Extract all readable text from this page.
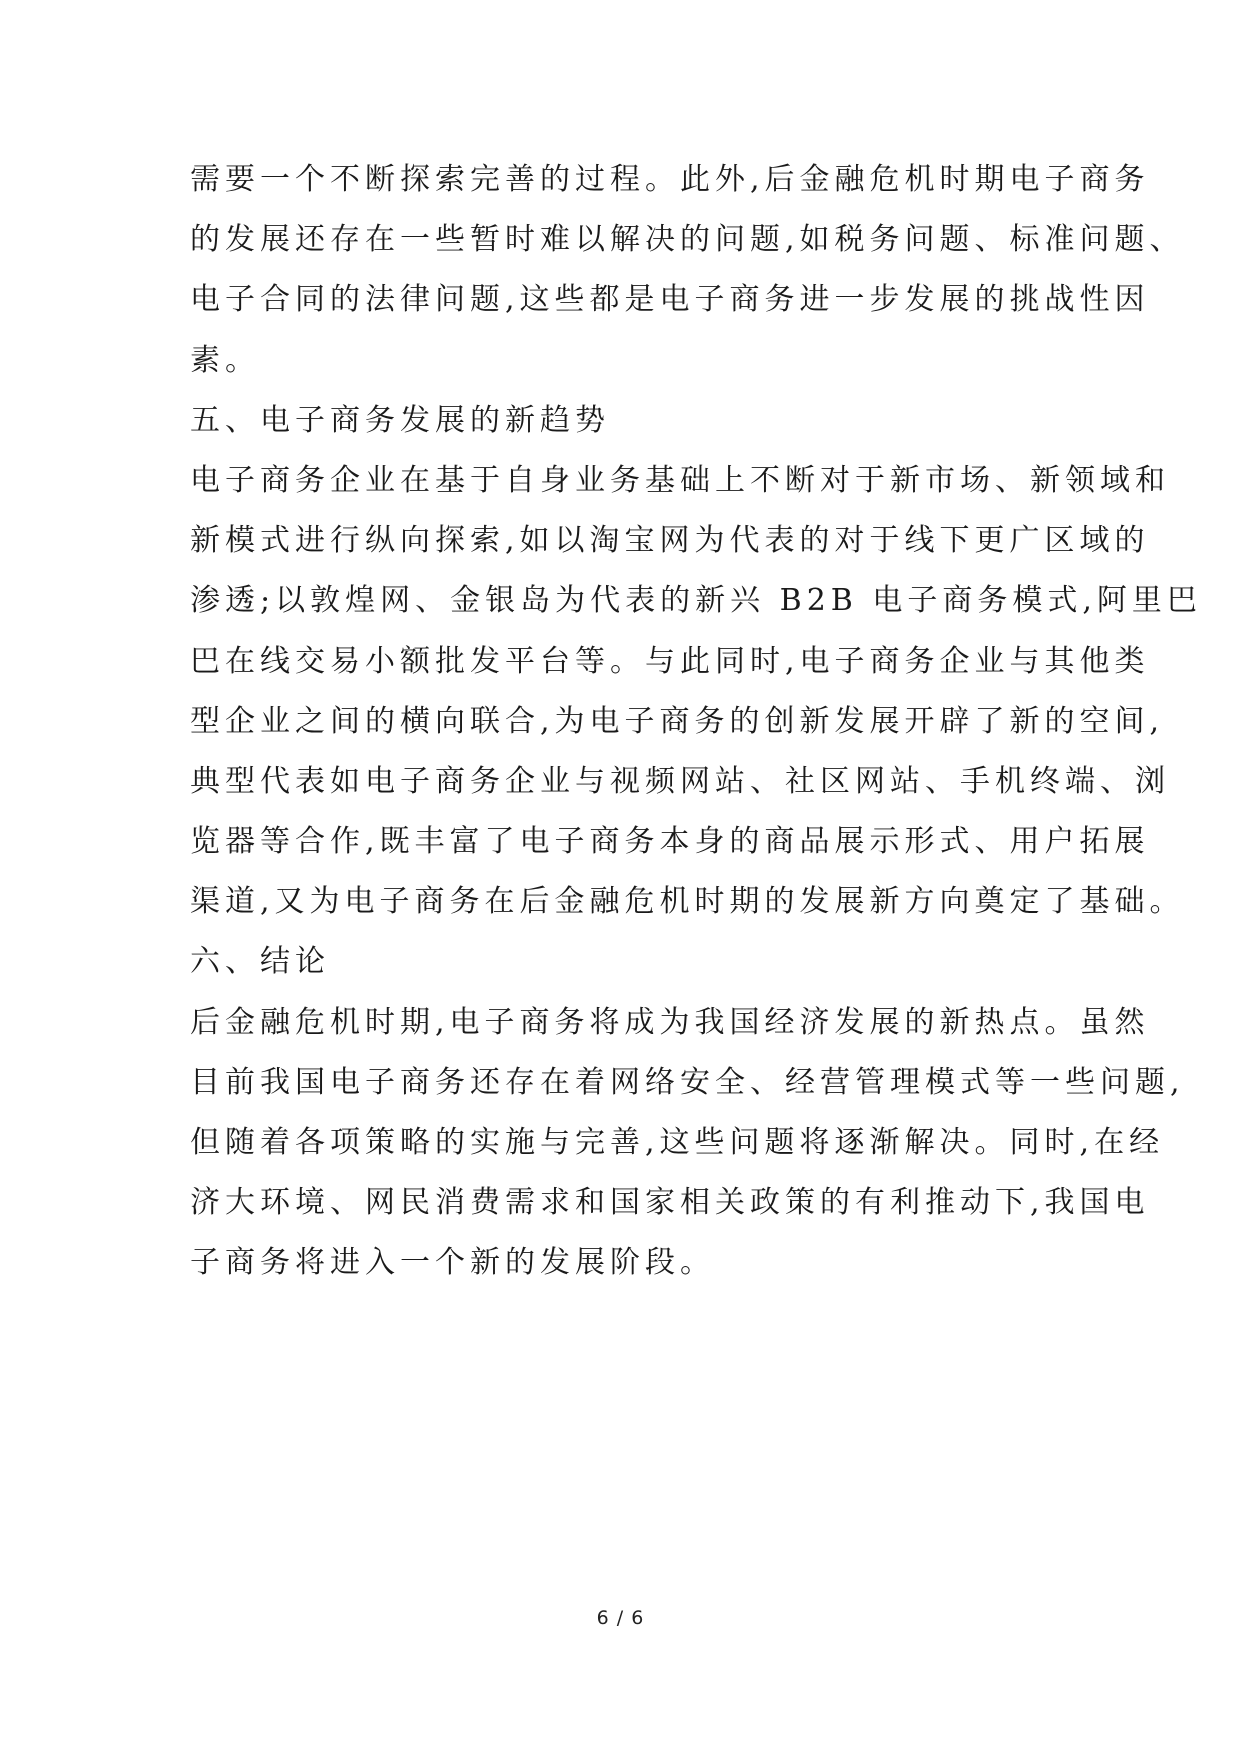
需要一个不断探索完善的过程。此外,后金融危机时期电子商务
的发展还存在一些暂时难以解决的问题,如税务问题、标准问题、
电子合同的法律问题,这些都是电子商务进一步发展的挑战性因
素。
五、电子商务发展的新趋势
电子商务企业在基于自身业务基础上不断对于新市场、新领域和
新模式进行纵向探索,如以淘宝网为代表的对于线下更广区域的
渗透;以敦煌网、金银岛为代表的新兴 B2B 电子商务模式,阿里巴
巴在线交易小额批发平台等。与此同时,电子商务企业与其他类
型企业之间的横向联合,为电子商务的创新发展开辟了新的空间,
典型代表如电子商务企业与视频网站、社区网站、手机终端、浏
览器等合作,既丰富了电子商务本身的商品展示形式、用户拓展
渠道,又为电子商务在后金融危机时期的发展新方向奠定了基础。
六、结论
后金融危机时期,电子商务将成为我国经济发展的新热点。虽然
目前我国电子商务还存在着网络安全、经营管理模式等一些问题,
但随着各项策略的实施与完善,这些问题将逐渐解决。同时,在经
济大环境、网民消费需求和国家相关政策的有利推动下,我国电
子商务将进入一个新的发展阶段。
6 / 6
